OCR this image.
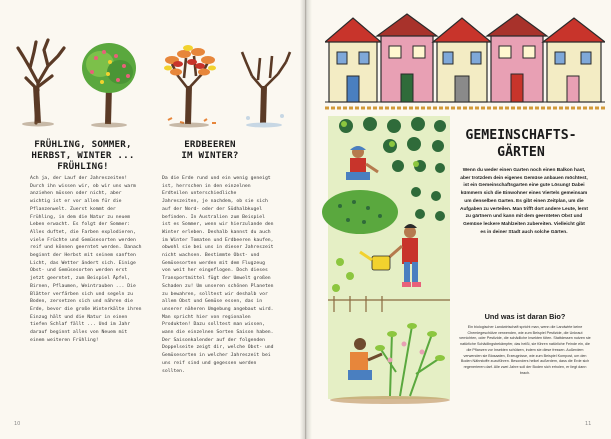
FRÜHLING, SOMMER,
HERBST, WINTER ...
FRÜHLING!
ERDBEEREN
IM WINTER?
Ach ja, der Lauf der Jahreszeiten! Durch ihn wissen wir, ob wir uns warm anziehen müssen oder nicht, aber wichtig ist er vor allem für die Pflanzenwelt. Zuerst kommt der Frühling, in dem die Natur zu neuem Leben erwacht. Es folgt der Sommer: Alles duftet, die Farben explodieren, viele Früchte und Gemüsesorten werden reif und können geerntet werden. Danach beginnt der Herbst mit seinem sanften Licht, das Wetter ändert sich. Einige Obst- und Gemüsesorten werden erst jetzt geerntet, zum Beispiel Äpfel, Birnen, Pflaumen, Weintrauben ... Die Blätter verfärben sich und segeln zu Boden, zersetzen sich und nähren die Erde, bevor die große Winterkälte ihren Einzug hält und die Natur in einen tiefen Schlaf fällt ... Und im Jahr darauf beginnt alles von Neuem mit einem weiteren Frühling!
Da die Erde rund und ein wenig geneigt ist, herrschen in den einzelnen Erdteilen unterschiedliche Jahreszeiten, je nachdem, ob sie sich auf der Nord- oder der Südhalbkugel befinden. In Australien zum Beispiel ist es Sommer, wenn wir hierzulande den Winter erleben. Deshalb kannst du auch im Winter Tomaten und Erdbeeren kaufen, obwohl sie bei uns in dieser Jahreszeit nicht wachsen. Bestimmte Obst- und Gemüsesorten werden mit dem Flugzeug von weit her eingeflogen. Doch dieses Transportmittel fügt der Umwelt großen Schaden zu! Um unseren schönen Planeten zu bewahren, solltest wir deshalb vor allem Obst und Gemüse essen, das in unserer näheren Umgebung angebaut wird. Man spricht hier von regionalen Produkten! Dazu solltest man wissen, wann die einzelnen Sorten Saison haben. Der Saisonkalender auf der folgenden Doppelseite zeigt dir, welche Obst- und Gemüsesorten in welcher Jahreszeit bei uns reif sind und gegessen werden sollten.
10
GEMEINSCHAFTS-
GÄRTEN
Wenn du weder einen Garten noch einen Balkon hast, aber trotzdem dein eigenes Gemüse anbauen möchtest, ist ein Gemeinschaftsgarten eine gute Lösung! Dabei kümmern sich die Einwohner eines Viertels gemeinsam um denselben Garten. Es gibt einen Zeitplan, um die Aufgaben zu verteilen. Man trifft dort andere Leute, lernt zu gärtnern und kann mit dem geernteten Obst und Gemüse leckere Mahlzeiten zubereiten. Vielleicht gibt es in deiner Stadt auch solche Gärten.
Und was ist daran Bio?
Ein biologischer Landwirtschaft spricht man, wenn die Landwirte keine Chemiegeschütze verwenden, wie zum Beispiel Pestizide, die Unkraut vernichten, oder Pestizide, die schädliche Insekten töten. Stattdessen nutzen sie natürliche Schädlingsbekämpfer, das heißt, sie führen natürliche Feinde ein, die die Pflanzen vor Insekten schützen, indem sie diese fressen. Außerdem verwenden sie Biosaaten, Erzeugnisse, wie zum Beispiel Kompost, um den Boden Nährstoffe zuzuführen. Besonders heikel außerdem, dass die Erde sich regenerieren darf. Alle zwei Jahre soll der Boden sich erholen, er liegt dann brach.
11
